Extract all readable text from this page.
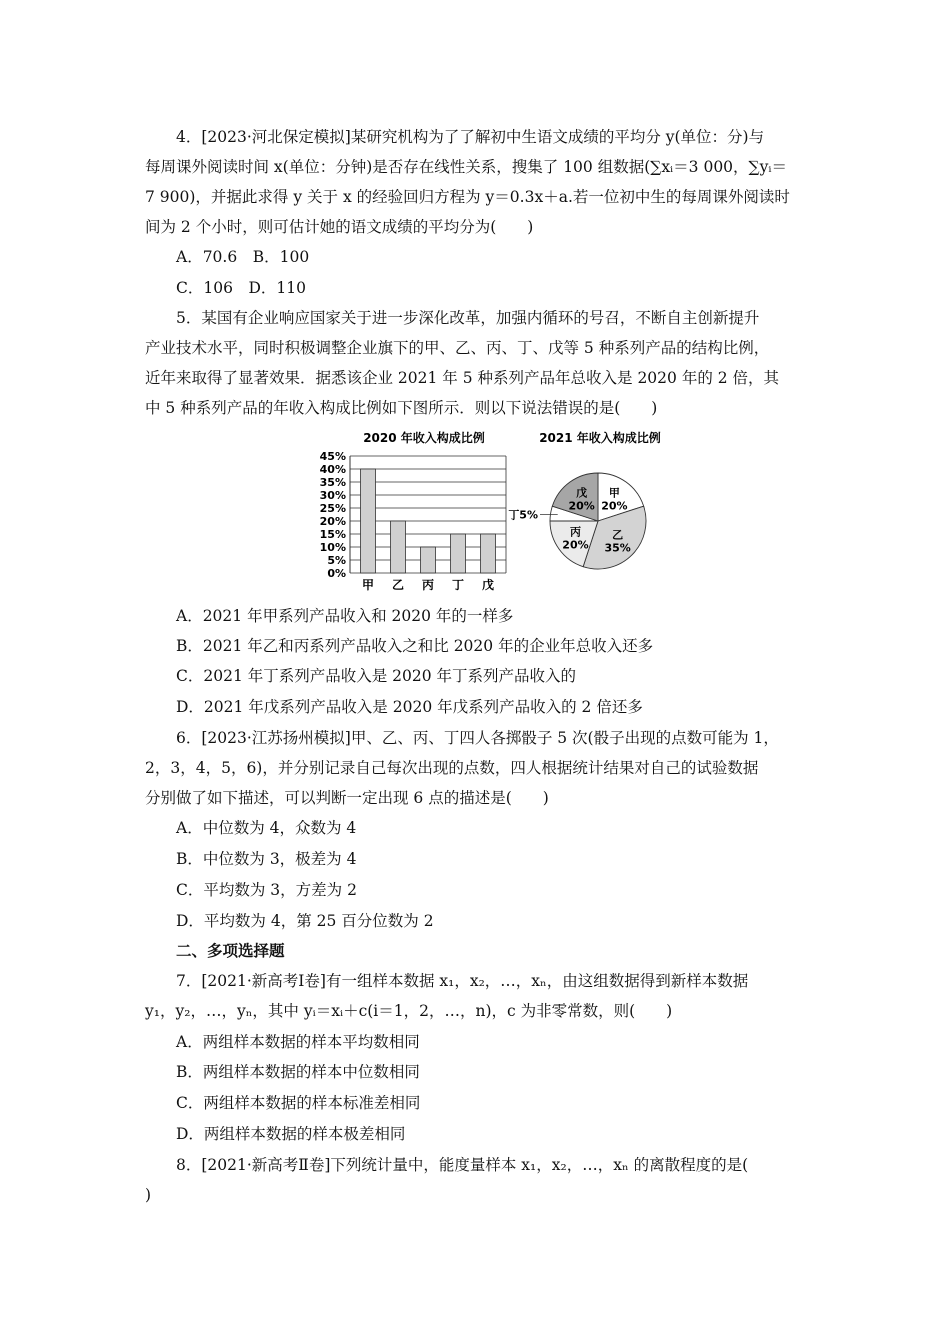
4．[2023·河北保定模拟]某研究机构为了了解初中生语文成绩的平均分 y(单位：分)与
每周课外阅读时间 x(单位：分钟)是否存在线性关系，搜集了 100 组数据(∑xᵢ＝3 000，∑yᵢ＝
7 900)，并据此求得 y 关于 x 的经验回归方程为 y＝0.3x＋a.若一位初中生的每周课外阅读时
间为 2 个小时，则可估计她的语文成绩的平均分为(　　)
A．70.6　B．100
C．106　D．110
5．某国有企业响应国家关于进一步深化改革，加强内循环的号召，不断自主创新提升
产业技术水平，同时积极调整企业旗下的甲、乙、丙、丁、戊等 5 种系列产品的结构比例，
近年来取得了显著效果．据悉该企业 2021 年 5 种系列产品年总收入是 2020 年的 2 倍，其
中 5 种系列产品的年收入构成比例如下图所示．则以下说法错误的是(　　)
2020 年收入构成比例
0%
5%
10%
15%
20%
25%
30%
35%
40%
45%
甲 乙 丙 丁 戊
2021 年收入构成比例
甲
20%
乙
35%
丙
20%
丁5%
戊
20%
A．2021 年甲系列产品收入和 2020 年的一样多
B．2021 年乙和丙系列产品收入之和比 2020 年的企业年总收入还多
C．2021 年丁系列产品收入是 2020 年丁系列产品收入的
D．2021 年戊系列产品收入是 2020 年戊系列产品收入的 2 倍还多
6．[2023·江苏扬州模拟]甲、乙、丙、丁四人各掷骰子 5 次(骰子出现的点数可能为 1，
2，3，4，5，6)，并分别记录自己每次出现的点数，四人根据统计结果对自己的试验数据
分别做了如下描述，可以判断一定出现 6 点的描述是(　　)
A．中位数为 4，众数为 4
B．中位数为 3，极差为 4
C．平均数为 3，方差为 2
D．平均数为 4，第 25 百分位数为 2
二、多项选择题
7．[2021·新高考Ⅰ卷]有一组样本数据 x₁，x₂，…，xₙ，由这组数据得到新样本数据
y₁，y₂，…，yₙ，其中 yᵢ＝xᵢ＋c(i＝1，2，…，n)，c 为非零常数，则(　　)
A．两组样本数据的样本平均数相同
B．两组样本数据的样本中位数相同
C．两组样本数据的样本标准差相同
D．两组样本数据的样本极差相同
8．[2021·新高考Ⅱ卷]下列统计量中，能度量样本 x₁，x₂，…，xₙ 的离散程度的是(
)
